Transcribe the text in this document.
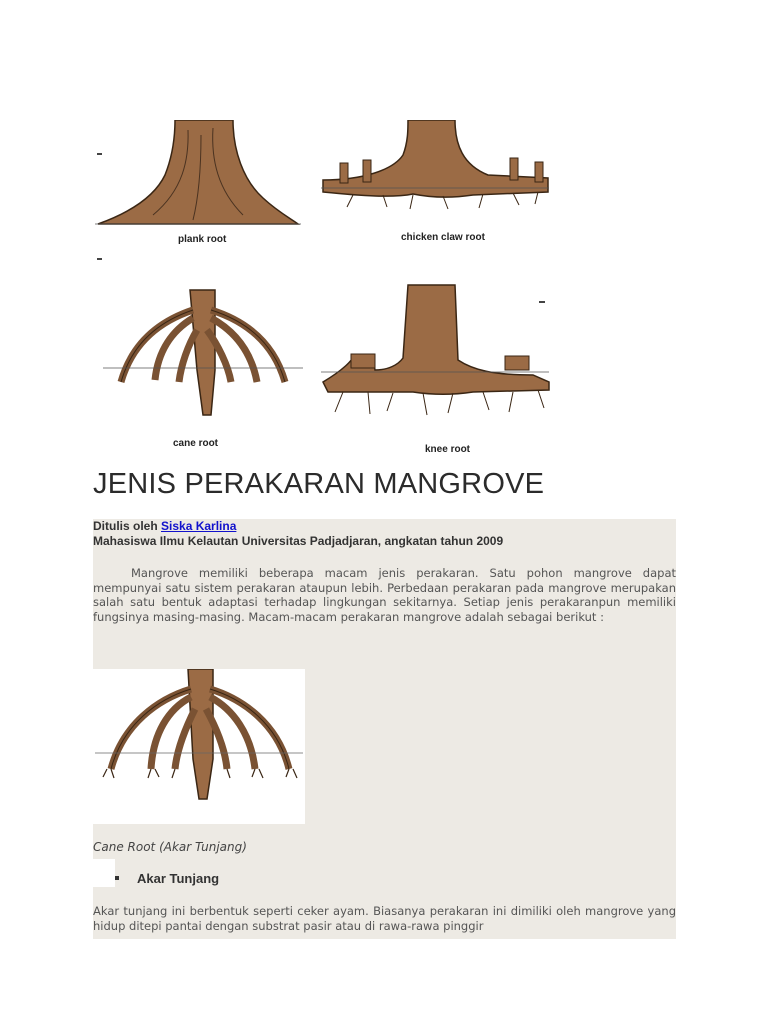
plank root	chicken claw root
cane root
knee root
JENIS PERAKARAN MANGROVE
Ditulis oleh Siska Karlina
Mahasiswa Ilmu Kelautan Universitas Padjadjaran, angkatan tahun 2009

Mangrove memiliki beberapa macam jenis perakaran. Satu pohon mangrove dapat mempunyai satu sistem perakaran ataupun lebih. Perbedaan perakaran pada mangrove merupakan salah satu bentuk adaptasi terhadap lingkungan sekitarnya. Setiap jenis perakaranpun memiliki fungsinya masing-masing. Macam-macam perakaran mangrove adalah sebagai berikut :

Cane Root (Akar Tunjang)
Akar Tunjang

Akar tunjang ini berbentuk seperti ceker ayam. Biasanya perakaran ini dimiliki oleh mangrove yang hidup ditepi pantai dengan substrat pasir atau di rawa-rawa pinggir
